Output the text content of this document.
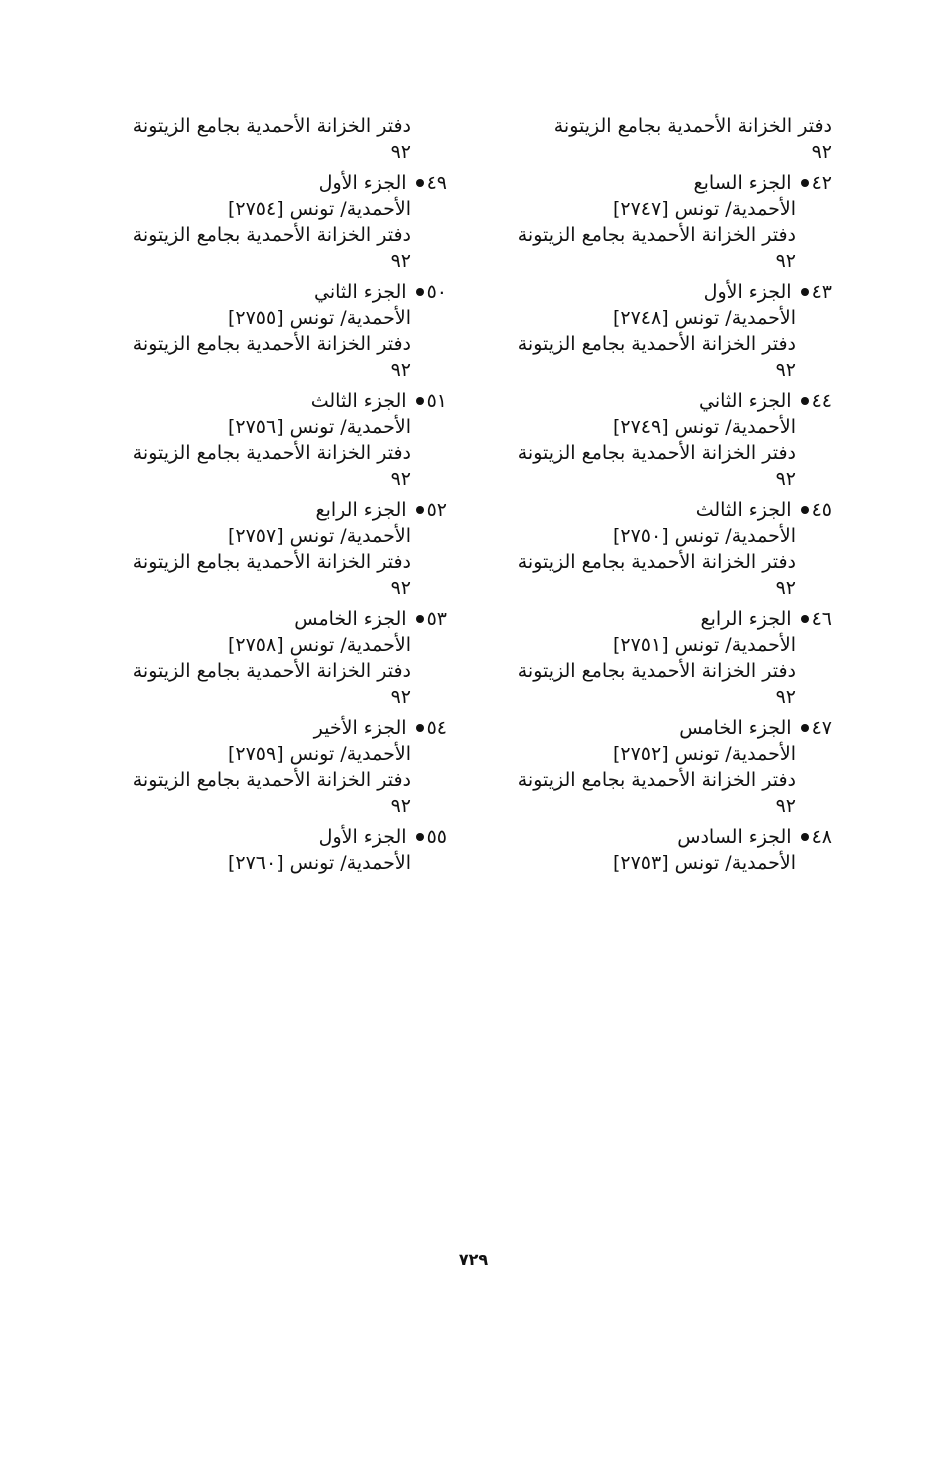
دفتر الخزانة الأحمدية بجامع الزيتونة
٩٢
٤٢ الجزء السابع
الأحمدية/ تونس [٢٧٤٧]
دفتر الخزانة الأحمدية بجامع الزيتونة
٩٢
٤٣ الجزء الأول
الأحمدية/ تونس [٢٧٤٨]
دفتر الخزانة الأحمدية بجامع الزيتونة
٩٢
٤٤ الجزء الثاني
الأحمدية/ تونس [٢٧٤٩]
دفتر الخزانة الأحمدية بجامع الزيتونة
٩٢
٤٥ الجزء الثالث
الأحمدية/ تونس [٢٧٥٠]
دفتر الخزانة الأحمدية بجامع الزيتونة
٩٢
٤٦ الجزء الرابع
الأحمدية/ تونس [٢٧٥١]
دفتر الخزانة الأحمدية بجامع الزيتونة
٩٢
٤٧ الجزء الخامس
الأحمدية/ تونس [٢٧٥٢]
دفتر الخزانة الأحمدية بجامع الزيتونة
٩٢
٤٨ الجزء السادس
الأحمدية/ تونس [٢٧٥٣]
دفتر الخزانة الأحمدية بجامع الزيتونة
٩٢
٤٩ الجزء الأول
الأحمدية/ تونس [٢٧٥٤]
دفتر الخزانة الأحمدية بجامع الزيتونة
٩٢
٥٠ الجزء الثاني
الأحمدية/ تونس [٢٧٥٥]
دفتر الخزانة الأحمدية بجامع الزيتونة
٩٢
٥١ الجزء الثالث
الأحمدية/ تونس [٢٧٥٦]
دفتر الخزانة الأحمدية بجامع الزيتونة
٩٢
٥٢ الجزء الرابع
الأحمدية/ تونس [٢٧٥٧]
دفتر الخزانة الأحمدية بجامع الزيتونة
٩٢
٥٣ الجزء الخامس
الأحمدية/ تونس [٢٧٥٨]
دفتر الخزانة الأحمدية بجامع الزيتونة
٩٢
٥٤ الجزء الأخير
الأحمدية/ تونس [٢٧٥٩]
دفتر الخزانة الأحمدية بجامع الزيتونة
٩٢
٥٥ الجزء الأول
الأحمدية/ تونس [٢٧٦٠]
٧٢٩
